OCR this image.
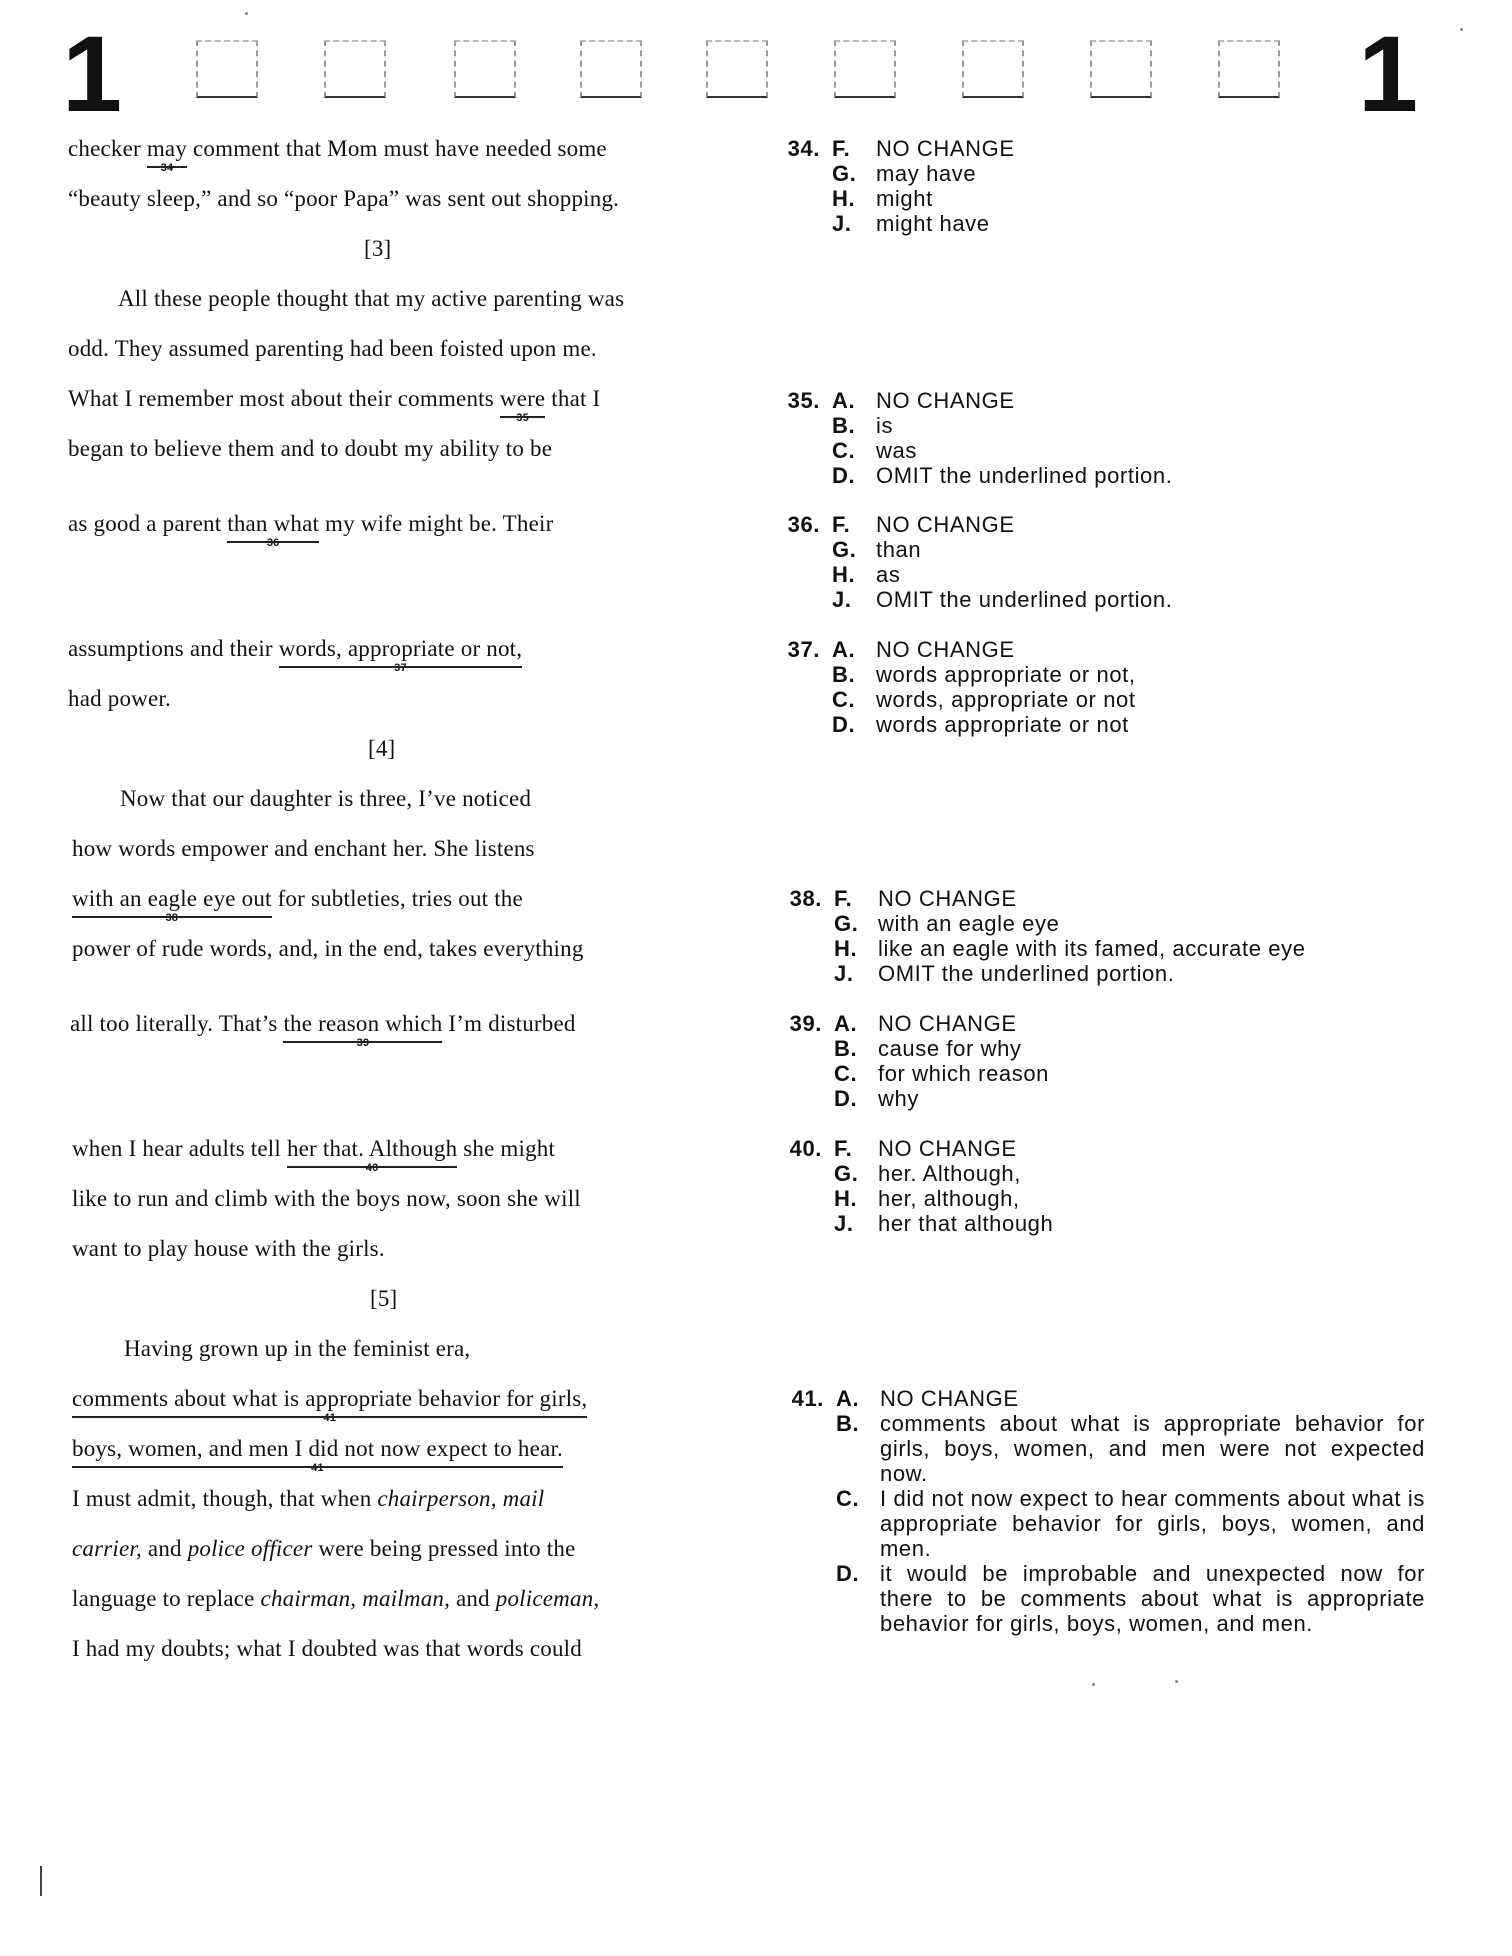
1	1
checker may
34
comment that Mom must have needed some
“beauty sleep,” and so “poor Papa” was sent out shopping.
[3]
All these people thought that my active parenting was
odd. They assumed parenting had been foisted upon me.
What I remember most about their comments were
35
that I
began to believe them and to doubt my ability to be
as good a parent than what
36
my wife might be. Their
assumptions and their words, appropriate or not,
37
had power.
[4]
Now that our daughter is three, I’ve noticed
how words empower and enchant her. She listens
with an eagle eye out
38
for subtleties, tries out the
power of rude words, and, in the end, takes everything
all too literally. That’s the reason which
39
I’m disturbed
when I hear adults tell her that. Although
40
she might
like to run and climb with the boys now, soon she will
want to play house with the girls.
[5]
Having grown up in the feminist era,
comments about what is appropriate behavior for girls,
41
boys, women, and men I did not now expect to hear.
41
I must admit, though, that when chairperson, mail
carrier, and police officer were being pressed into the
language to replace chairman, mailman, and policeman,
I had my doubts; what I doubted was that words could
34. F.	NO CHANGE
G. may have
H. might
J.	might have
35. A. NO CHANGE
B. is
C. was
D. OMIT the underlined portion.
36. F.	NO CHANGE
G. than
H. as
J.	OMIT the underlined portion.
37. A. NO CHANGE
B. words appropriate or not,
C. words, appropriate or not
D. words appropriate or not
38. F.	NO CHANGE
G. with an eagle eye
H. like an eagle with its famed, accurate eye
J.	OMIT the underlined portion.
39. A. NO CHANGE
B. cause for why
C. for which reason
D. why
40. F.	NO CHANGE
G. her. Although,
H. her, although,
J.	her that although
41. A. NO CHANGE
B. comments about what is appropriate behavior for girls, boys, women, and men were not expected now.
C. I did not now expect to hear comments about what is appropriate behavior for girls, boys, women, and men.
D. it would be improbable and unexpected now for there to be comments about what is appropriate behavior for girls, boys, women, and men.
